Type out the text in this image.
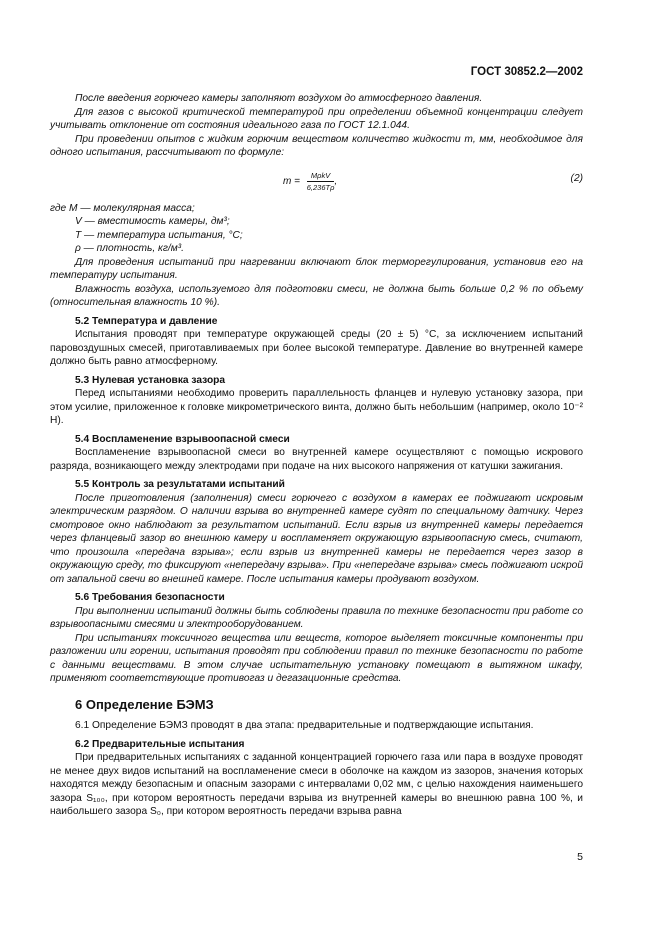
ГОСТ 30852.2—2002

После введения горючего камеры заполняют воздухом до атмосферного давления.

Для газов с высокой критической температурой при определении объемной концентрации следует учитывать отклонение от состояния идеального газа по ГОСТ 12.1.044.

При проведении опытов с жидким горючим веществом количество жидкости m, мм, необходимое для одного испытания, рассчитывают по формуле:

$m = \frac{\text{MρkV}}{6,236T\rho}$ ,	(2)

где M — молекулярная масса;

V — вместимость камеры, дм³;

T — температура испытания, °C;

ρ — плотность, кг/м³.

Для проведения испытаний при нагревании включают блок терморегулирования, установив его на температуру испытания.

Влажность воздуха, используемого для подготовки смеси, не должна быть больше 0,2 % по объему (относительная влажность 10 %).

5.2 Температура и давление

Испытания проводят при температуре окружающей среды (20 ± 5) °С, за исключением испытаний паровоздушных смесей, приготавливаемых при более высокой температуре. Давление во внутренней камере должно быть равно атмосферному.

5.3 Нулевая установка зазора

Перед испытаниями необходимо проверить параллельность фланцев и нулевую установку зазора, при этом усилие, приложенное к головке микрометрического винта, должно быть небольшим (например, около 10⁻² Н).

5.4 Воспламенение взрывоопасной смеси

Воспламенение взрывоопасной смеси во внутренней камере осуществляют с помощью искрового разряда, возникающего между электродами при подаче на них высокого напряжения от катушки зажигания.

5.5 Контроль за результатами испытаний

После приготовления (заполнения) смеси горючего с воздухом в камерах ее поджигают искровым электрическим разрядом. О наличии взрыва во внутренней камере судят по специальному датчику. Через смотровое окно наблюдают за результатом испытаний. Если взрыв из внутренней камеры передается через фланцевый зазор во внешнюю камеру и воспламеняет окружающую взрывоопасную смесь, считают, что произошла «передача взрыва»; если взрыв из внутренней камеры не передается через зазор в окружающую среду, то фиксируют «непередачу взрыва». При «непередаче взрыва» смесь поджигают искрой от запальной свечи во внешней камере. После испытания камеры продувают воздухом.

5.6 Требования безопасности

При выполнении испытаний должны быть соблюдены правила по технике безопасности при работе со взрывоопасными смесями и электрооборудованием.

При испытаниях токсичного вещества или веществ, которое выделяет токсичные компоненты при разложении или горении, испытания проводят при соблюдении правил по технике безопасности по работе с данными веществами. В этом случае испытательную установку помещают в вытяжном шкафу, применяют соответствующие противогаз и дегазационные средства.

6 Определение БЭМЗ

6.1 Определение БЭМЗ проводят в два этапа: предварительные и подтверждающие испытания.

6.2 Предварительные испытания

При предварительных испытаниях с заданной концентрацией горючего газа или пара в воздухе проводят не менее двух видов испытаний на воспламенение смеси в оболочке на каждом из зазоров, значения которых находятся между безопасным и опасным зазорами с интервалами 0,02 мм, с целью нахождения наименьшего зазора S₁₀₀, при котором вероятность передачи взрыва из внутренней камеры во внешнюю равна 100 %, и наибольшего зазора S₀, при котором вероятность передачи взрыва равна

5
